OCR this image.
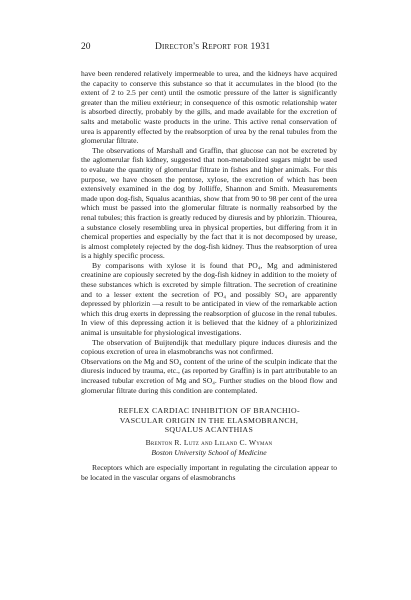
20	Director's Report for 1931

have been rendered relatively impermeable to urea, and the kidneys have acquired the capacity to conserve this substance so that it accumulates in the blood (to the extent of 2 to 2.5 per cent) until the osmotic pressure of the latter is significantly greater than the milieu extérieur; in consequence of this osmotic relationship water is absorbed directly, probably by the gills, and made available for the excretion of salts and metabolic waste products in the urine. This active renal conservation of urea is apparently effected by the reabsorption of urea by the renal tubules from the glomerular filtrate.

The observations of Marshall and Graffin, that glucose can not be excreted by the aglomerular fish kidney, suggested that non-metabolized sugars might be used to evaluate the quantity of glomerular filtrate in fishes and higher animals. For this purpose, we have chosen the pentose, xylose, the excretion of which has been extensively examined in the dog by Jolliffe, Shannon and Smith. Measurements made upon dog-fish, Squalus acanthias, show that from 90 to 98 per cent of the urea which must be passed into the glomerular filtrate is normally reabsorbed by the renal tubules; this fraction is greatly reduced by diuresis and by phlorizin. Thiourea, a substance closely resembling urea in physical properties, but differing from it in chemical properties and especially by the fact that it is not decomposed by urease, is almost completely rejected by the dog-fish kidney. Thus the reabsorption of urea is a highly specific process.

By comparisons with xylose it is found that PO₄, Mg and administered creatinine are copiously secreted by the dog-fish kidney in addition to the moiety of these substances which is excreted by simple filtration. The secretion of creatinine and to a lesser extent the secretion of PO₄ and possibly SO₄ are apparently depressed by phlorizin —a result to be anticipated in view of the remarkable action which this drug exerts in depressing the reabsorption of glucose in the renal tubules. In view of this depressing action it is believed that the kidney of a phlorizinized animal is unsuitable for physiological investigations.

The observation of Buijtendijk that medullary piqure induces diuresis and the copious excretion of urea in elasmobranchs was not confirmed.

Observations on the Mg and SO₄ content of the urine of the sculpin indicate that the diuresis induced by trauma, etc., (as reported by Graffin) is in part attributable to an increased tubular excretion of Mg and SO₄. Further studies on the blood flow and glomerular filtrate during this condition are contemplated.

REFLEX CARDIAC INHIBITION OF BRANCHIO-
VASCULAR ORIGIN IN THE ELASMOBRANCH,
SQUALUS ACANTHIAS
Brenton R. Lutz and Leland C. Wyman
Boston University School of Medicine

Receptors which are especially important in regulating the circulation appear to be located in the vascular organs of elasmobranchs
